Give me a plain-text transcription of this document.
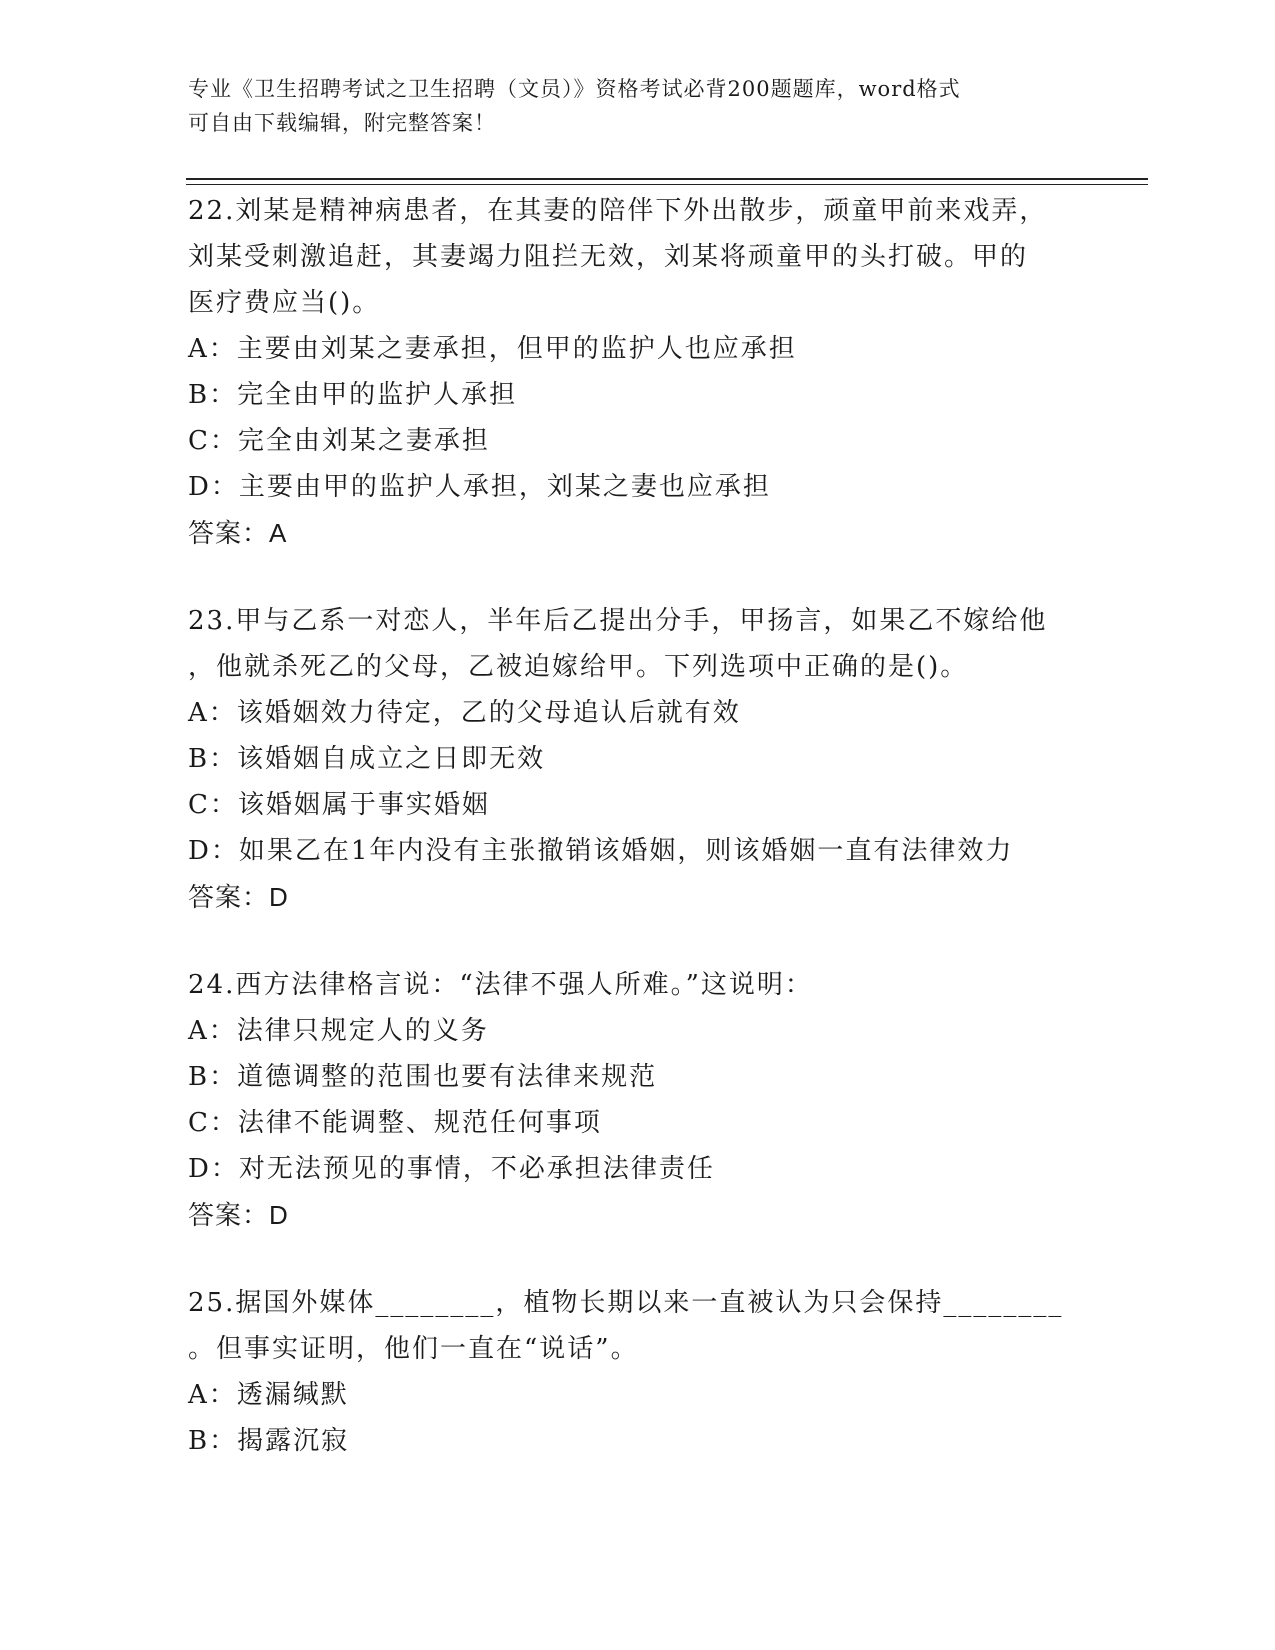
专业《卫生招聘考试之卫生招聘（文员）》资格考试必背200题题库，word格式
可自由下载编辑，附完整答案！
22.刘某是精神病患者，在其妻的陪伴下外出散步，顽童甲前来戏弄，
刘某受刺激追赶，其妻竭力阻拦无效，刘某将顽童甲的头打破。甲的
医疗费应当()。
A：主要由刘某之妻承担，但甲的监护人也应承担
B：完全由甲的监护人承担
C：完全由刘某之妻承担
D：主要由甲的监护人承担，刘某之妻也应承担
答案：A
23.甲与乙系一对恋人，半年后乙提出分手，甲扬言，如果乙不嫁给他
，他就杀死乙的父母，乙被迫嫁给甲。下列选项中正确的是()。
A：该婚姻效力待定，乙的父母追认后就有效
B：该婚姻自成立之日即无效
C：该婚姻属于事实婚姻
D：如果乙在1年内没有主张撤销该婚姻，则该婚姻一直有法律效力
答案：D
24.西方法律格言说：“法律不强人所难。”这说明：
A：法律只规定人的义务
B：道德调整的范围也要有法律来规范
C：法律不能调整、规范任何事项
D：对无法预见的事情，不必承担法律责任
答案：D
25.据国外媒体________，植物长期以来一直被认为只会保持________
。但事实证明，他们一直在“说话”。
A：透漏缄默
B：揭露沉寂
